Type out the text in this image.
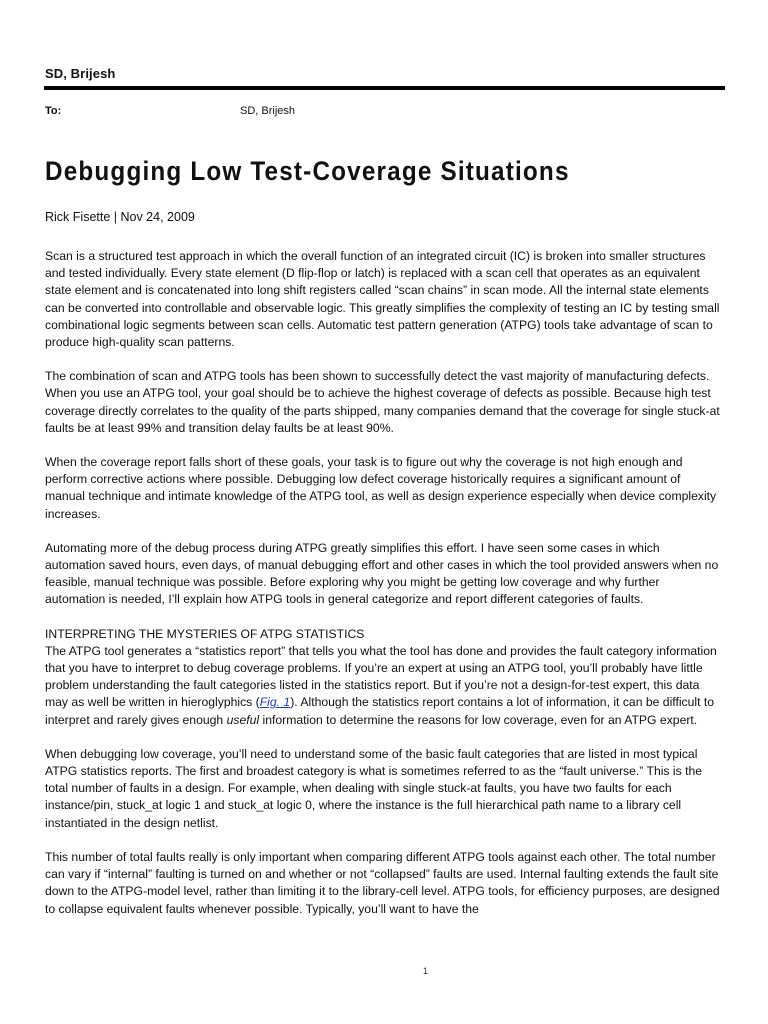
SD, Brijesh
To:	SD, Brijesh
Debugging Low Test-Coverage Situations
Rick Fisette | Nov 24, 2009

Scan is a structured test approach in which the overall function of an integrated circuit (IC) is broken into smaller structures and tested individually. Every state element (D flip-flop or latch) is replaced with a scan cell that operates as an equivalent state element and is concatenated into long shift registers called “scan chains” in scan mode. All the internal state elements can be converted into controllable and observable logic. This greatly simplifies the complexity of testing an IC by testing small combinational logic segments between scan cells. Automatic test pattern generation (ATPG) tools take advantage of scan to produce high-quality scan patterns.

The combination of scan and ATPG tools has been shown to successfully detect the vast majority of manufacturing defects. When you use an ATPG tool, your goal should be to achieve the highest coverage of defects as possible. Because high test coverage directly correlates to the quality of the parts shipped, many companies demand that the coverage for single stuck-at faults be at least 99% and transition delay faults be at least 90%.

When the coverage report falls short of these goals, your task is to figure out why the coverage is not high enough and perform corrective actions where possible. Debugging low defect coverage historically requires a significant amount of manual technique and intimate knowledge of the ATPG tool, as well as design experience especially when device complexity increases.

Automating more of the debug process during ATPG greatly simplifies this effort. I have seen some cases in which automation saved hours, even days, of manual debugging effort and other cases in which the tool provided answers when no feasible, manual technique was possible. Before exploring why you might be getting low coverage and why further automation is needed, I’ll explain how ATPG tools in general categorize and report different categories of faults.

INTERPRETING THE MYSTERIES OF ATPG STATISTICS

The ATPG tool generates a “statistics report” that tells you what the tool has done and provides the fault category information that you have to interpret to debug coverage problems. If you’re an expert at using an ATPG tool, you’ll probably have little problem understanding the fault categories listed in the statistics report. But if you’re not a design-for-test expert, this data may as well be written in hieroglyphics (Fig. 1). Although the statistics report contains a lot of information, it can be difficult to interpret and rarely gives enough useful information to determine the reasons for low coverage, even for an ATPG expert.

When debugging low coverage, you’ll need to understand some of the basic fault categories that are listed in most typical ATPG statistics reports. The first and broadest category is what is sometimes referred to as the “fault universe.” This is the total number of faults in a design. For example, when dealing with single stuck-at faults, you have two faults for each instance/pin, stuck_at logic 1 and stuck_at logic 0, where the instance is the full hierarchical path name to a library cell instantiated in the design netlist.

This number of total faults really is only important when comparing different ATPG tools against each other. The total number can vary if “internal” faulting is turned on and whether or not “collapsed” faults are used. Internal faulting extends the fault site down to the ATPG-model level, rather than limiting it to the library-cell level. ATPG tools, for efficiency purposes, are designed to collapse equivalent faults whenever possible. Typically, you’ll want to have the

1
